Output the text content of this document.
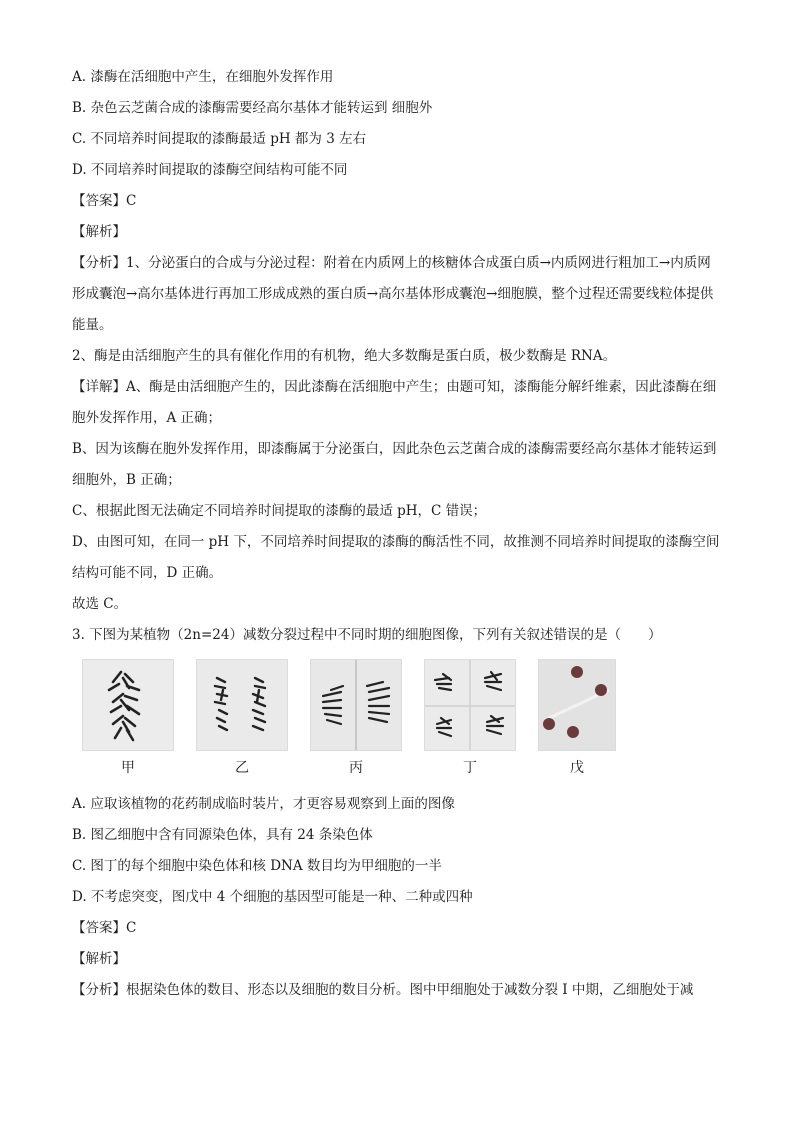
A. 漆酶在活细胞中产生，在细胞外发挥作用
B. 杂色云芝菌合成的漆酶需要经高尔基体才能转运到 细胞外
C. 不同培养时间提取的漆酶最适 pH 都为 3 左右
D. 不同培养时间提取的漆酶空间结构可能不同
【答案】C
【解析】
【分析】1、分泌蛋白的合成与分泌过程：附着在内质网上的核糖体合成蛋白质→内质网进行粗加工→内质网形成囊泡→高尔基体进行再加工形成成熟的蛋白质→高尔基体形成囊泡→细胞膜，整个过程还需要线粒体提供能量。
2、酶是由活细胞产生的具有催化作用的有机物，绝大多数酶是蛋白质，极少数酶是 RNA。
【详解】A、酶是由活细胞产生的，因此漆酶在活细胞中产生；由题可知，漆酶能分解纤维素，因此漆酶在细胞外发挥作用，A 正确；
B、因为该酶在胞外发挥作用，即漆酶属于分泌蛋白，因此杂色云芝菌合成的漆酶需要经高尔基体才能转运到细胞外，B 正确；
C、根据此图无法确定不同培养时间提取的漆酶的最适 pH，C 错误；
D、由图可知，在同一 pH 下，不同培养时间提取的漆酶的酶活性不同，故推测不同培养时间提取的漆酶空间结构可能不同，D 正确。
故选 C。
3. 下图为某植物（2n=24）减数分裂过程中不同时期的细胞图像，下列有关叙述错误的是（　　）
甲	乙	丙	丁	戊
A. 应取该植物的花药制成临时装片，才更容易观察到上面的图像
B. 图乙细胞中含有同源染色体，具有 24 条染色体
C. 图丁的每个细胞中染色体和核 DNA 数目均为甲细胞的一半
D. 不考虑突变，图戊中 4 个细胞的基因型可能是一种、二种或四种
【答案】C
【解析】
【分析】根据染色体的数目、形态以及细胞的数目分析。图中甲细胞处于减数分裂 I 中期，乙细胞处于减
